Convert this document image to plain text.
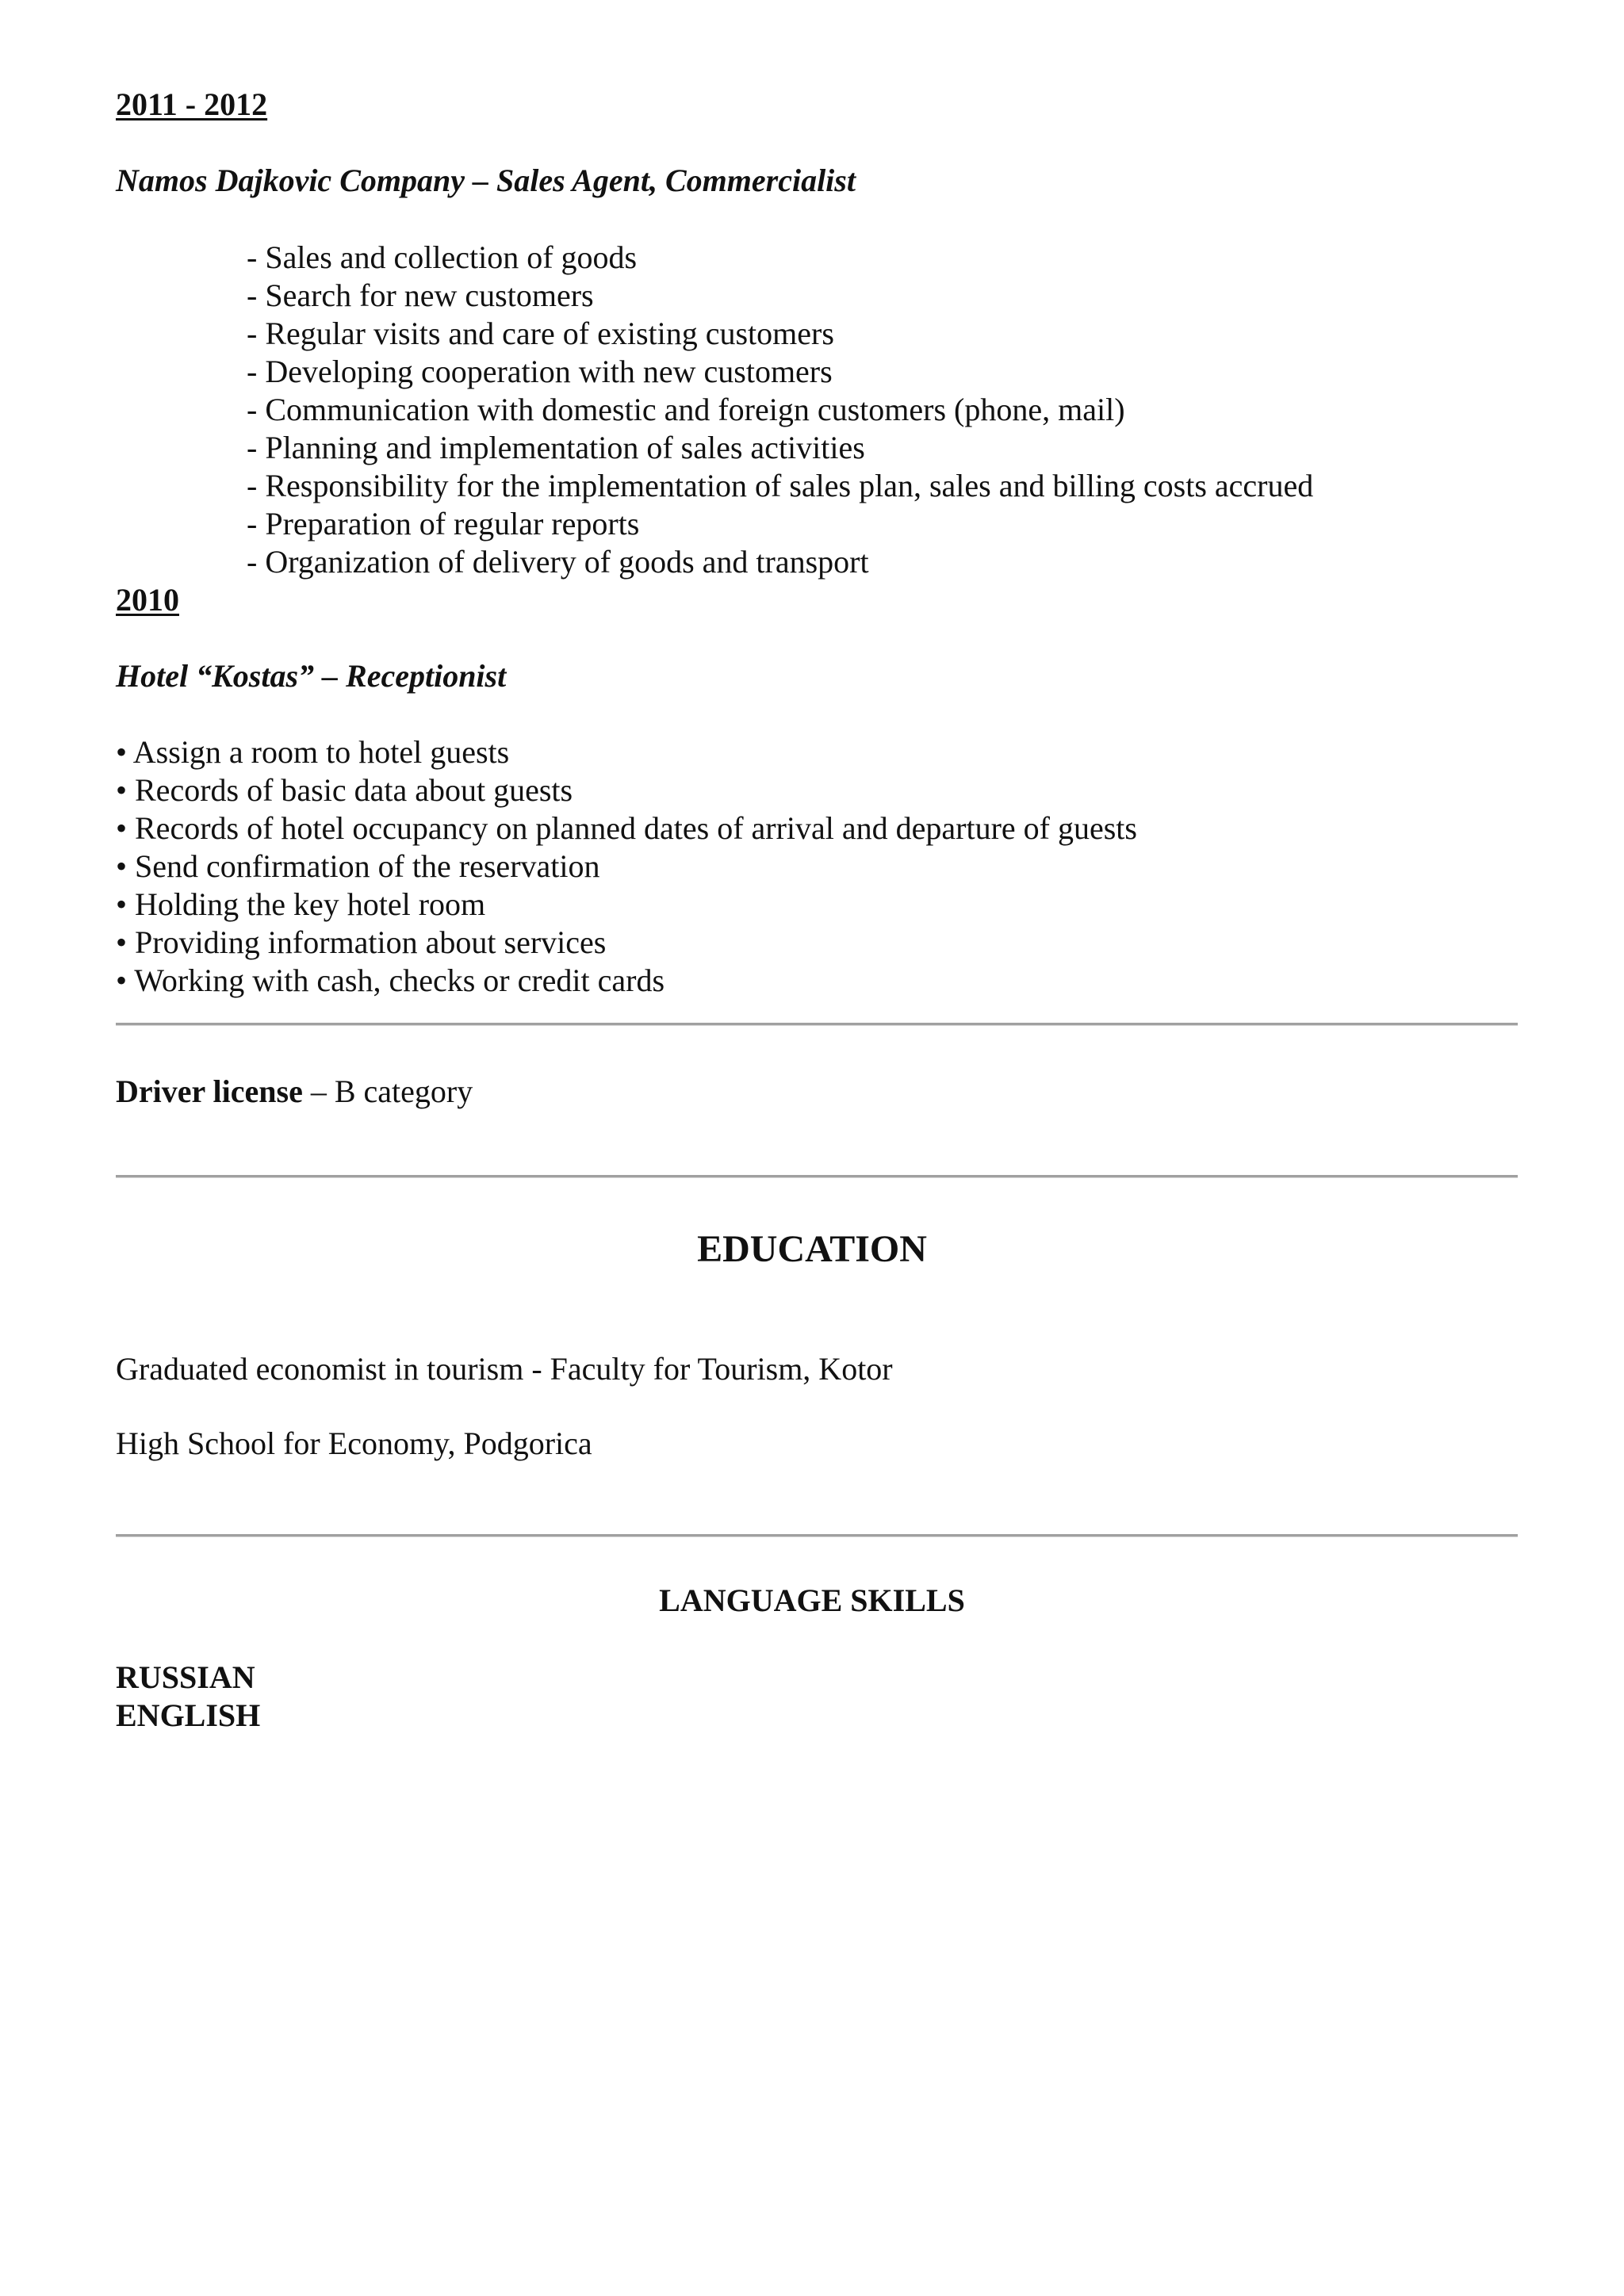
2011 - 2012
Namos Dajkovic Company – Sales Agent, Commercialist
- Sales and collection of goods
- Search for new customers
- Regular visits and care of existing customers
- Developing cooperation with new customers
- Communication with domestic and foreign customers (phone, mail)
- Planning and implementation of sales activities
- Responsibility for the implementation of sales plan, sales and billing costs accrued
- Preparation of regular reports
- Organization of delivery of goods and transport
2010
Hotel “Kostas” – Receptionist
• Assign a room to hotel guests
• Records of basic data about guests
• Records of hotel occupancy on planned dates of arrival and departure of guests
• Send confirmation of the reservation
• Holding the key hotel room
• Providing information about services
• Working with cash, checks or credit cards
Driver license – B category
EDUCATION
Graduated economist in tourism - Faculty for Tourism, Kotor
High School for Economy, Podgorica
LANGUAGE SKILLS
RUSSIAN
ENGLISH
